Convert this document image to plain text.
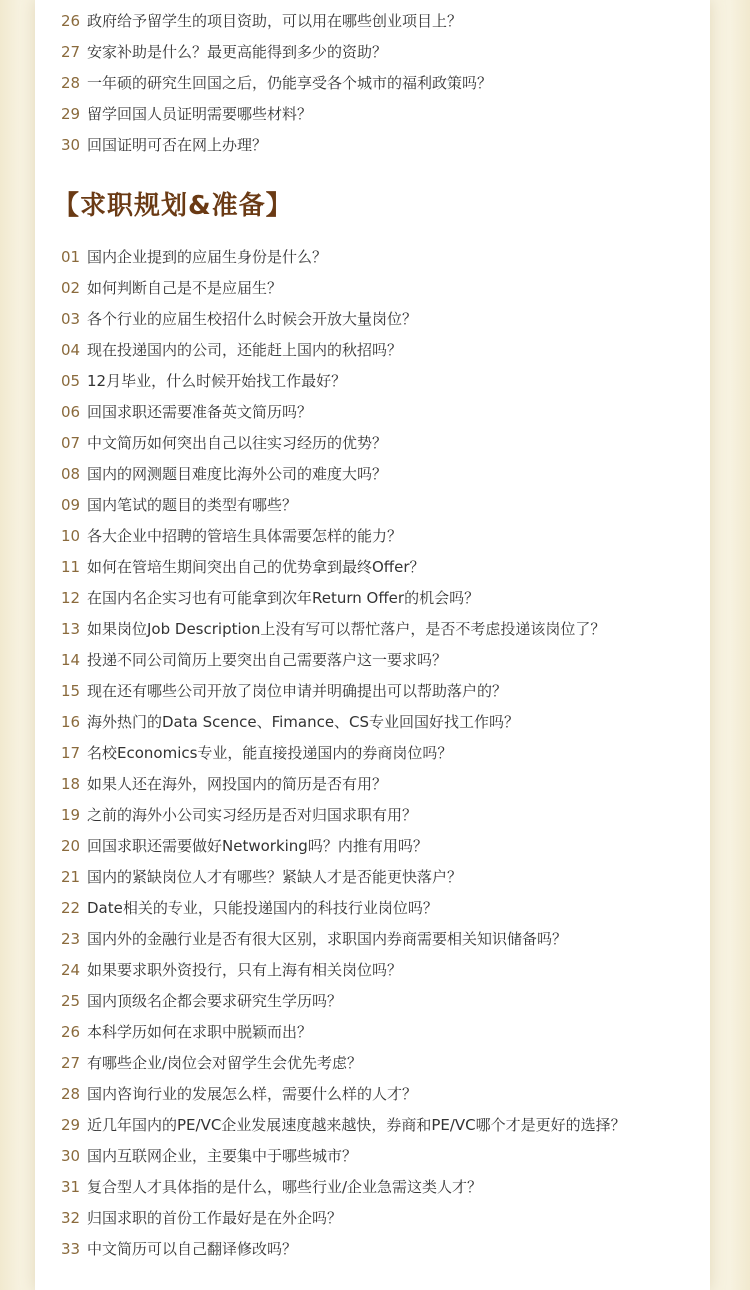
26 政府给予留学生的项目资助，可以用在哪些创业项目上？
27 安家补助是什么？最更高能得到多少的资助？
28 一年硕的研究生回国之后，仍能享受各个城市的福利政策吗？
29 留学回国人员证明需要哪些材料？
30 回国证明可否在网上办理？
【求职规划&准备】
01 国内企业提到的应届生身份是什么？
02 如何判断自己是不是应届生？
03 各个行业的应届生校招什么时候会开放大量岗位？
04 现在投递国内的公司，还能赶上国内的秋招吗？
05 12月毕业，什么时候开始找工作最好？
06 回国求职还需要准备英文简历吗？
07 中文简历如何突出自己以往实习经历的优势？
08 国内的网测题目难度比海外公司的难度大吗？
09 国内笔试的题目的类型有哪些？
10 各大企业中招聘的管培生具体需要怎样的能力？
11 如何在管培生期间突出自己的优势拿到最终Offer？
12 在国内名企实习也有可能拿到次年Return Offer的机会吗？
13 如果岗位Job Description上没有写可以帮忙落户，是否不考虑投递该岗位了？
14 投递不同公司简历上要突出自己需要落户这一要求吗？
15 现在还有哪些公司开放了岗位申请并明确提出可以帮助落户的？
16 海外热门的Data Scence、Fimance、CS专业回国好找工作吗？
17 名校Economics专业，能直接投递国内的券商岗位吗？
18 如果人还在海外，网投国内的简历是否有用？
19 之前的海外小公司实习经历是否对归国求职有用？
20 回国求职还需要做好Networking吗？内推有用吗？
21 国内的紧缺岗位人才有哪些？紧缺人才是否能更快落户？
22 Date相关的专业，只能投递国内的科技行业岗位吗？
23 国内外的金融行业是否有很大区别，求职国内券商需要相关知识储备吗？
24 如果要求职外资投行，只有上海有相关岗位吗？
25 国内顶级名企都会要求研究生学历吗？
26 本科学历如何在求职中脱颖而出？
27 有哪些企业/岗位会对留学生会优先考虑？
28 国内咨询行业的发展怎么样，需要什么样的人才？
29 近几年国内的PE/VC企业发展速度越来越快，券商和PE/VC哪个才是更好的选择？
30 国内互联网企业，主要集中于哪些城市？
31 复合型人才具体指的是什么，哪些行业/企业急需这类人才？
32 归国求职的首份工作最好是在外企吗？
33 中文简历可以自己翻译修改吗？
